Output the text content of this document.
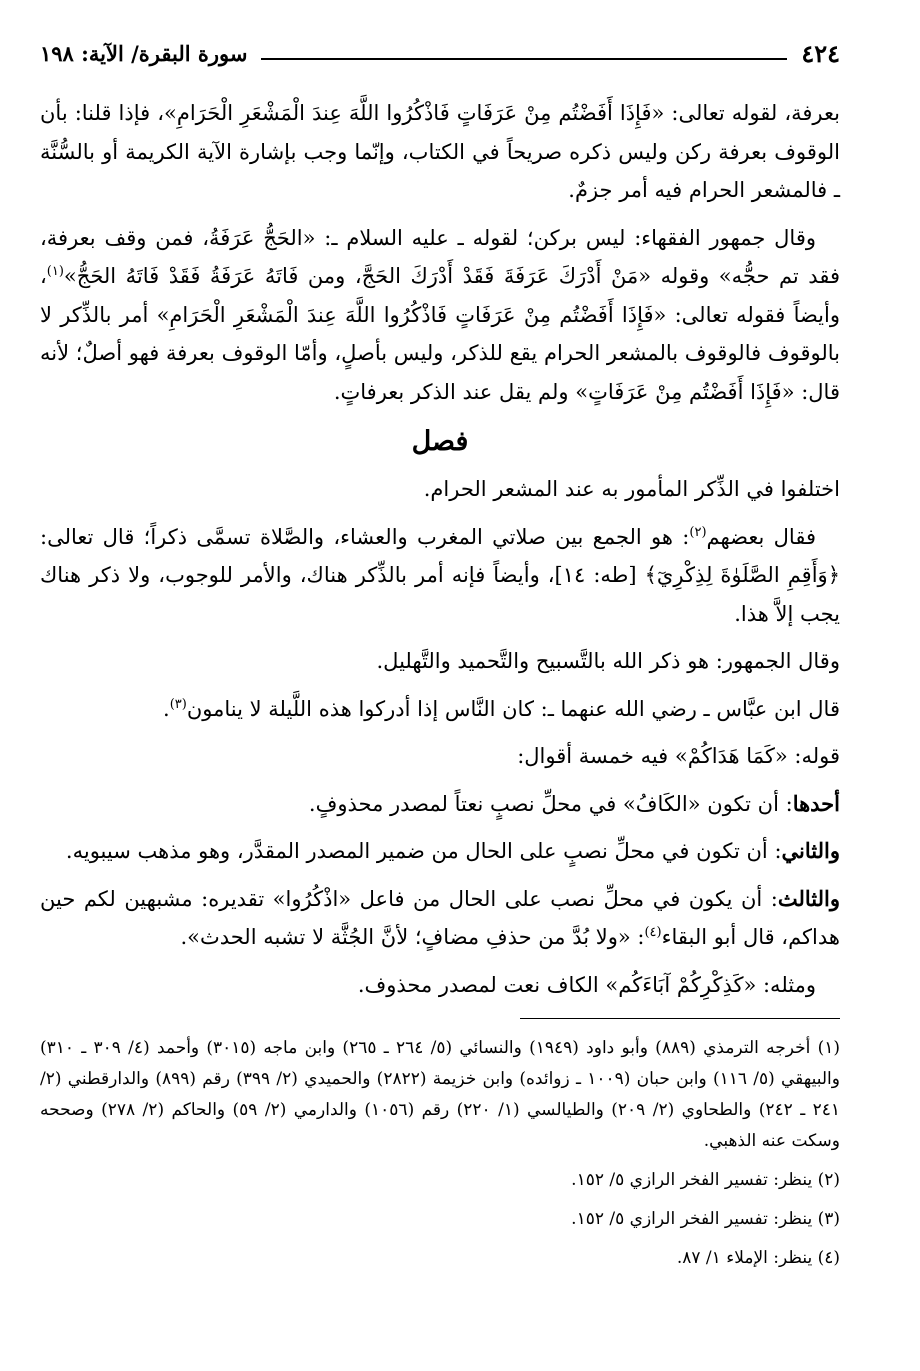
٤٢٤
سورة البقرة/ الآية: ١٩٨

بعرفة، لقوله تعالى: «فَإِذَا أَفَضْتُم مِنْ عَرَفَاتٍ فَاذْكُرُوا اللَّهَ عِندَ الْمَشْعَرِ الْحَرَامِ»، فإذا قلنا: بأن الوقوف بعرفة ركن وليس ذكره صريحاً في الكتاب، وإنّما وجب بإشارة الآية الكريمة أو بالسُّنَّة ـ فالمشعر الحرام فيه أمر جزمٌ.

وقال جمهور الفقهاء: ليس بركن؛ لقوله ـ عليه السلام ـ: «الحَجُّ عَرَفَةُ، فمن وقف بعرفة، فقد تم حجُّه» وقوله «مَنْ أَدْرَكَ عَرَفَةَ فَقَدْ أَدْرَكَ الحَجَّ، ومن فَاتَهُ عَرَفَةُ فَقَدْ فَاتَهُ الحَجُّ»$^{(١)}$، وأيضاً فقوله تعالى: «فَإِذَا أَفَضْتُم مِنْ عَرَفَاتٍ فَاذْكُرُوا اللَّهَ عِندَ الْمَشْعَرِ الْحَرَامِ» أمر بالذِّكر لا بالوقوف فالوقوف بالمشعر الحرام يقع للذكر، وليس بأصلٍ، وأمّا الوقوف بعرفة فهو أصلٌ؛ لأنه قال: «فَإِذَا أَفَضْتُم مِنْ عَرَفَاتٍ» ولم يقل عند الذكر بعرفاتٍ.

فصل

اختلفوا في الذِّكر المأمور به عند المشعر الحرام.

فقال بعضهم$^{(٢)}$: هو الجمع بين صلاتي المغرب والعشاء، والصَّلاة تسمَّى ذكراً؛ قال تعالى: ﴿وَأَقِمِ الصَّلَوٰةَ لِذِكْرِيٓ﴾ [طه: ١٤]، وأيضاً فإنه أمر بالذِّكر هناك، والأمر للوجوب، ولا ذكر هناك يجب إلاَّ هذا.

وقال الجمهور: هو ذكر الله بالتَّسبيح والتَّحميد والتَّهليل.

قال ابن عبَّاس ـ رضي الله عنهما ـ: كان النَّاس إذا أدركوا هذه اللَّيلة لا ينامون$^{(٣)}$.

قوله: «كَمَا هَدَاكُمْ» فيه خمسة أقوال:

أحدها: أن تكون «الكَافُ» في محلِّ نصبٍ نعتاً لمصدر محذوفٍ.

والثاني: أن تكون في محلِّ نصبٍ على الحال من ضمير المصدر المقدَّر، وهو مذهب سيبويه.

والثالث: أن يكون في محلِّ نصب على الحال من فاعل «اذْكُرُوا» تقديره: مشبهين لكم حين هداكم، قال أبو البقاء$^{(٤)}$: «ولا بُدَّ من حذفِ مضافٍ؛ لأنَّ الجُثَّة لا تشبه الحدث».

ومثله: «كَذِكْرِكُمْ آبَاءَكُم» الكاف نعت لمصدر محذوف.

(١) أخرجه الترمذي (٨٨٩) وأبو داود (١٩٤٩) والنسائي (٥/ ٢٦٤ ـ ٢٦٥) وابن ماجه (٣٠١٥) وأحمد (٤/ ٣٠٩ ـ ٣١٠) والبيهقي (٥/ ١١٦) وابن حبان (١٠٠٩ ـ زوائده) وابن خزيمة (٢٨٢٢) والحميدي (٢/ ٣٩٩) رقم (٨٩٩) والدارقطني (٢/ ٢٤١ ـ ٢٤٢) والطحاوي (٢/ ٢٠٩) والطيالسي (١/ ٢٢٠) رقم (١٠٥٦) والدارمي (٢/ ٥٩) والحاكم (٢/ ٢٧٨) وصححه وسكت عنه الذهبي.

(٢) ينظر: تفسير الفخر الرازي ٥/ ١٥٢.

(٣) ينظر: تفسير الفخر الرازي ٥/ ١٥٢.

(٤) ينظر: الإملاء ١/ ٨٧.
